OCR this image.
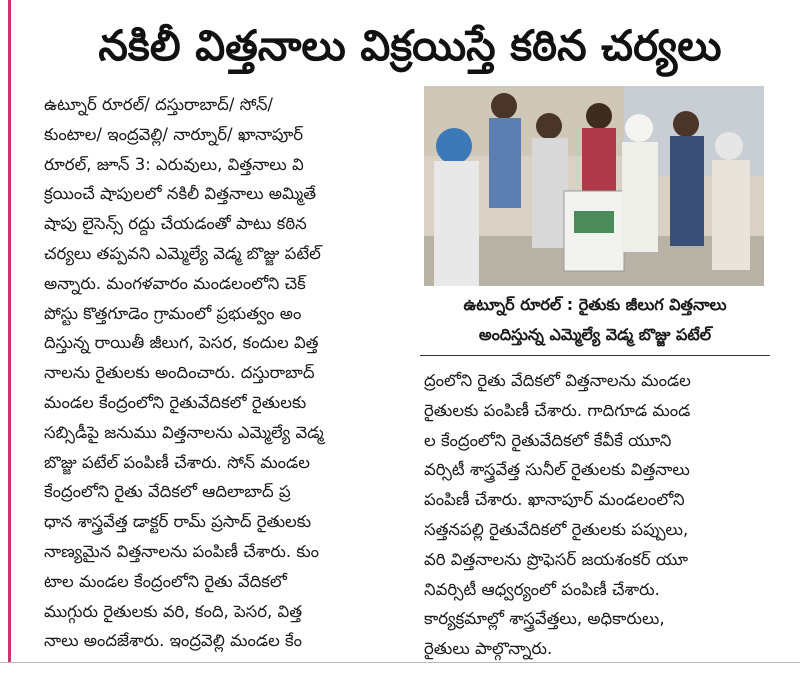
నకిలీ విత్తనాలు విక్రయిస్తే కఠిన చర్యలు
ఉట్నూర్ రూరల్/ దస్తురాబాద్/ సోన్/
కుంటాల/ ఇంద్రవెల్లి/ నార్నూర్/ ఖానాపూర్
రూరల్, జూన్ 3: ఎరువులు, విత్తనాలు వి
క్రయించే షాపులలో నకిలీ విత్తనాలు అమ్మితే
షాపు లైసెన్స్ రద్దు చేయడంతో పాటు కఠిన
చర్యలు తప్పవని ఎమ్మెల్యే వెడ్మ బొజ్జు పటేల్
అన్నారు. మంగళవారం మండలంలోని చెక్
పోస్టు కొత్తగూడెం గ్రామంలో ప్రభుత్వం అం
దిస్తున్న రాయితీ జీలుగ, పెసర, కందుల విత్త
నాలను రైతులకు అందించారు. దస్తురాబాద్
మండల కేంద్రంలోని రైతువేదికలో రైతులకు
సబ్సిడీపై జనుము విత్తనాలను ఎమ్మెల్యే వెడ్మ
బొజ్జు పటేల్ పంపిణీ చేశారు. సోన్ మండల
కేంద్రంలోని రైతు వేదికలో ఆదిలాబాద్ ప్ర
ధాన శాస్త్రవేత్త డాక్టర్ రామ్ ప్రసాద్ రైతులకు
నాణ్యమైన విత్తనాలను పంపిణీ చేశారు. కుం
టాల మండల కేంద్రంలోని రైతు వేదికలో
ముగ్గురు రైతులకు వరి, కంది, పెసర, విత్త
నాలు అందజేశారు. ఇంద్రవెల్లి మండల కేం
ఉట్నూర్ రూరల్ : రైతుకు జీలుగ విత్తనాలు
అందిస్తున్న ఎమ్మెల్యే వెడ్మ బొజ్జు పటేల్
ద్రంలోని రైతు వేదికలో విత్తనాలను మండల
రైతులకు పంపిణీ చేశారు. గాదిగూడ మండ
ల కేంద్రంలోని రైతువేదికలో కేవీకే యూని
వర్సిటీ శాస్త్రవేత్త సునీల్ రైతులకు విత్తనాలు
పంపిణీ చేశారు. ఖానాపూర్ మండలంలోని
సత్తనపల్లి రైతువేదికలో రైతులకు పప్పులు,
వరి విత్తనాలను ప్రొఫెసర్ జయశంకర్ యూ
నివర్సిటీ ఆధ్వర్యంలో పంపిణీ చేశారు.
కార్యక్రమాల్లో శాస్త్రవేత్తలు, అధికారులు,
రైతులు పాల్గొన్నారు.
